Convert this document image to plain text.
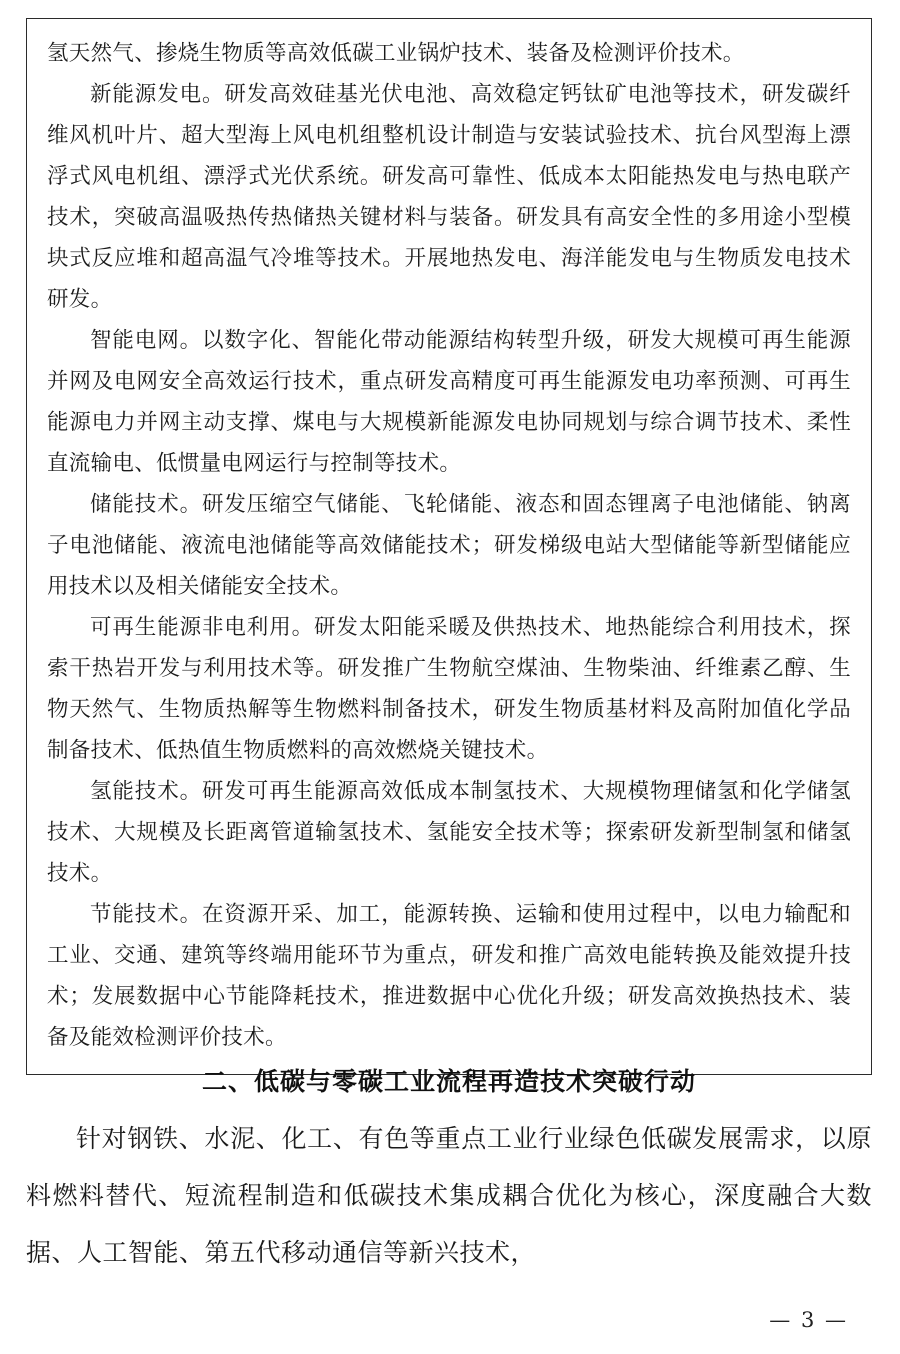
氢天然气、掺烧生物质等高效低碳工业锅炉技术、装备及检测评价技术。

新能源发电。研发高效硅基光伏电池、高效稳定钙钛矿电池等技术，研发碳纤维风机叶片、超大型海上风电机组整机设计制造与安装试验技术、抗台风型海上漂浮式风电机组、漂浮式光伏系统。研发高可靠性、低成本太阳能热发电与热电联产技术，突破高温吸热传热储热关键材料与装备。研发具有高安全性的多用途小型模块式反应堆和超高温气冷堆等技术。开展地热发电、海洋能发电与生物质发电技术研发。

智能电网。以数字化、智能化带动能源结构转型升级，研发大规模可再生能源并网及电网安全高效运行技术，重点研发高精度可再生能源发电功率预测、可再生能源电力并网主动支撑、煤电与大规模新能源发电协同规划与综合调节技术、柔性直流输电、低惯量电网运行与控制等技术。

储能技术。研发压缩空气储能、飞轮储能、液态和固态锂离子电池储能、钠离子电池储能、液流电池储能等高效储能技术；研发梯级电站大型储能等新型储能应用技术以及相关储能安全技术。

可再生能源非电利用。研发太阳能采暖及供热技术、地热能综合利用技术，探索干热岩开发与利用技术等。研发推广生物航空煤油、生物柴油、纤维素乙醇、生物天然气、生物质热解等生物燃料制备技术，研发生物质基材料及高附加值化学品制备技术、低热值生物质燃料的高效燃烧关键技术。

氢能技术。研发可再生能源高效低成本制氢技术、大规模物理储氢和化学储氢技术、大规模及长距离管道输氢技术、氢能安全技术等；探索研发新型制氢和储氢技术。

节能技术。在资源开采、加工，能源转换、运输和使用过程中，以电力输配和工业、交通、建筑等终端用能环节为重点，研发和推广高效电能转换及能效提升技术；发展数据中心节能降耗技术，推进数据中心优化升级；研发高效换热技术、装备及能效检测评价技术。

二、低碳与零碳工业流程再造技术突破行动

针对钢铁、水泥、化工、有色等重点工业行业绿色低碳发展需求，以原料燃料替代、短流程制造和低碳技术集成耦合优化为核心，深度融合大数据、人工智能、第五代移动通信等新兴技术，

— 3 —
